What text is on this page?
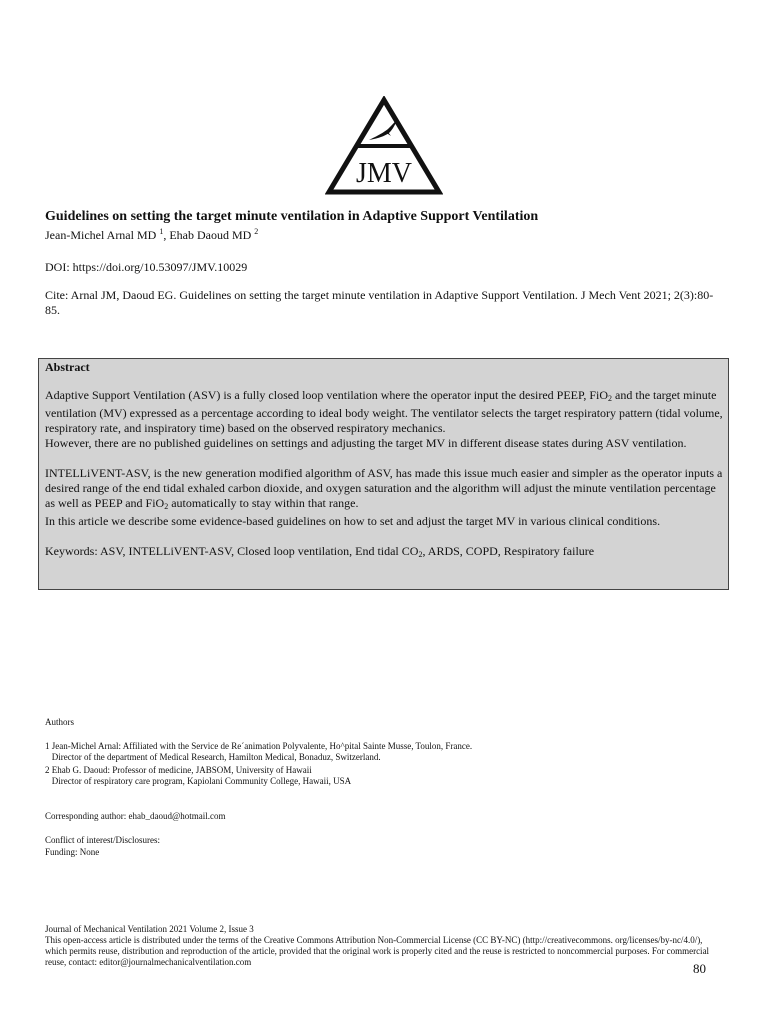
JMV
Guidelines on setting the target minute ventilation in Adaptive Support Ventilation
Jean-Michel Arnal MD $^1$, Ehab Daoud MD $^2$
DOI: https://doi.org/10.53097/JMV.10029
Cite: Arnal JM, Daoud EG. Guidelines on setting the target minute ventilation in Adaptive Support Ventilation. J Mech Vent 2021; 2(3):80-85.
Abstract

Adaptive Support Ventilation (ASV) is a fully closed loop ventilation where the operator input the desired PEEP, FiO$_2$ and the target minute ventilation (MV) expressed as a percentage according to ideal body weight. The ventilator selects the target respiratory pattern (tidal volume, respiratory rate, and inspiratory time) based on the observed respiratory mechanics.

However, there are no published guidelines on settings and adjusting the target MV in different disease states during ASV ventilation.

INTELLiVENT-ASV, is the new generation modified algorithm of ASV, has made this issue much easier and simpler as the operator inputs a desired range of the end tidal exhaled carbon dioxide, and oxygen saturation and the algorithm will adjust the minute ventilation percentage as well as PEEP and FiO$_2$ automatically to stay within that range.

In this article we describe some evidence-based guidelines on how to set and adjust the target MV in various clinical conditions.

Keywords: ASV, INTELLiVENT-ASV, Closed loop ventilation, End tidal $CO_2$, ARDS, COPD, Respiratory failure

Authors
1 Jean-Michel Arnal: Affiliated with the Service de Re´animation Polyvalente, Ho^pital Sainte Musse, Toulon, France.
Director of the department of Medical Research, Hamilton Medical, Bonaduz, Switzerland.
2 Ehab G. Daoud: Professor of medicine, JABSOM, University of Hawaii
Director of respiratory care program, Kapiolani Community College, Hawaii, USA
Corresponding author: ehab_daoud@hotmail.com
Conflict of interest/Disclosures:
Funding: None
Journal of Mechanical Ventilation 2021 Volume 2, Issue 3
This open-access article is distributed under the terms of the Creative Commons Attribution Non-Commercial License (CC BY-NC) (http://creativecommons. org/licenses/by-nc/4.0/), which permits reuse, distribution and reproduction of the article, provided that the original work is properly cited and the reuse is restricted to noncommercial purposes. For commercial reuse, contact: editor@journalmechanicalventilation.com	80
